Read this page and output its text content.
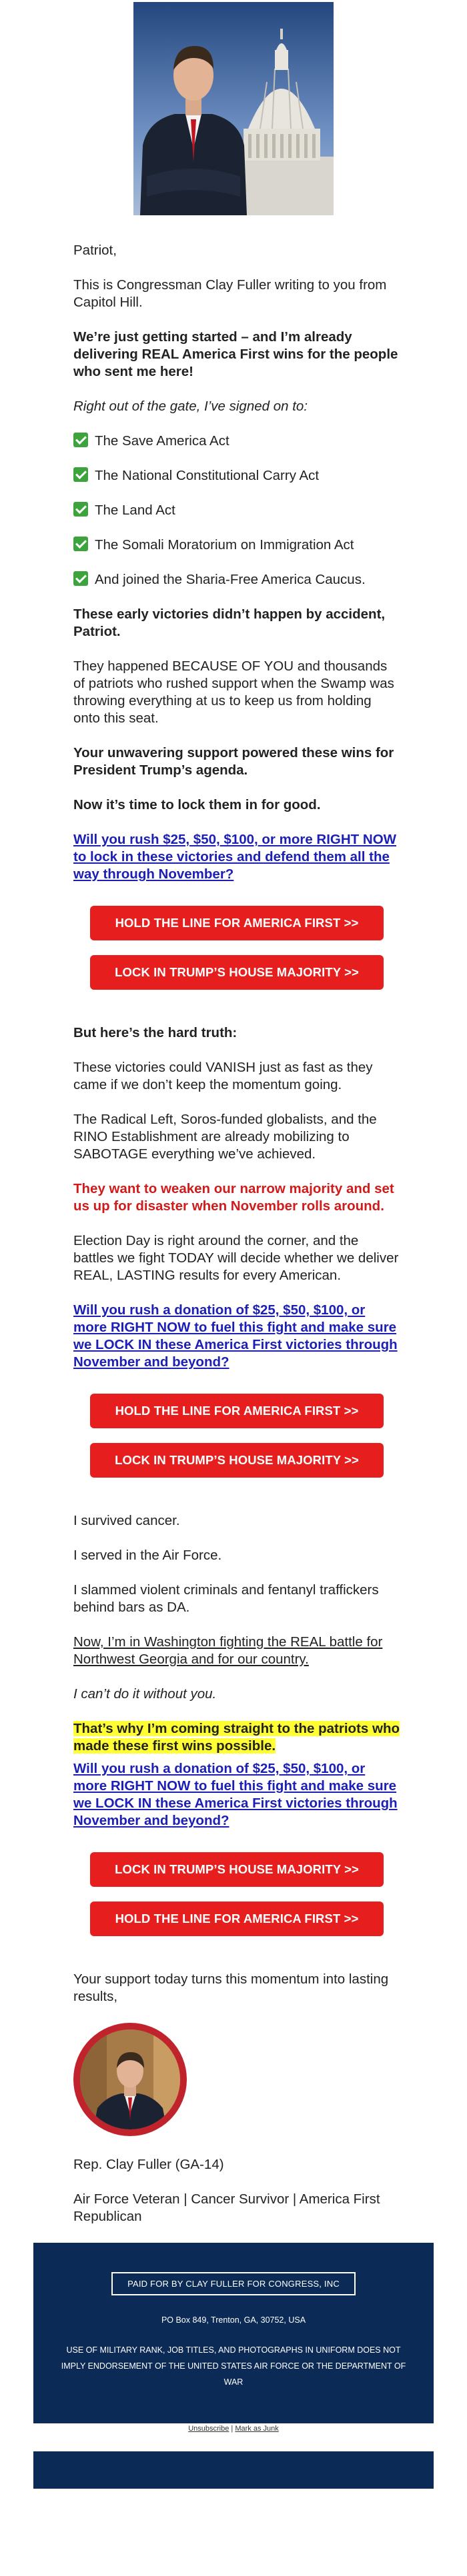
Patriot,

This is Congressman Clay Fuller writing to you from Capitol Hill.

We’re just getting started – and I’m already delivering REAL America First wins for the people who sent me here!

Right out of the gate, I’ve signed on to:

The Save America Act

The National Constitutional Carry Act

The Land Act

The Somali Moratorium on Immigration Act

And joined the Sharia-Free America Caucus.

These early victories didn’t happen by accident, Patriot.

They happened BECAUSE OF YOU and thousands of patriots who rushed support when the Swamp was throwing everything at us to keep us from holding onto this seat.

Your unwavering support powered these wins for President Trump’s agenda.

Now it’s time to lock them in for good.

Will you rush $25, $50, $100, or more RIGHT NOW to lock in these victories and defend them all the way through November?

HOLD THE LINE FOR AMERICA FIRST >>
LOCK IN TRUMP’S HOUSE MAJORITY >>

But here’s the hard truth:

These victories could VANISH just as fast as they came if we don’t keep the momentum going.

The Radical Left, Soros-funded globalists, and the RINO Establishment are already mobilizing to SABOTAGE everything we’ve achieved.

They want to weaken our narrow majority and set us up for disaster when November rolls around.

Election Day is right around the corner, and the battles we fight TODAY will decide whether we deliver REAL, LASTING results for every American.

Will you rush a donation of $25, $50, $100, or more RIGHT NOW to fuel this fight and make sure we LOCK IN these America First victories through November and beyond?

HOLD THE LINE FOR AMERICA FIRST >>
LOCK IN TRUMP’S HOUSE MAJORITY >>

I survived cancer.

I served in the Air Force.

I slammed violent criminals and fentanyl traffickers behind bars as DA.

Now, I’m in Washington fighting the REAL battle for Northwest Georgia and for our country.

I can’t do it without you.

That’s why I’m coming straight to the patriots who made these first wins possible.

Will you rush a donation of $25, $50, $100, or more RIGHT NOW to fuel this fight and make sure we LOCK IN these America First victories through November and beyond?

LOCK IN TRUMP’S HOUSE MAJORITY >>
HOLD THE LINE FOR AMERICA FIRST >>

Your support today turns this momentum into lasting results,

Rep. Clay Fuller (GA-14)

Air Force Veteran | Cancer Survivor | America First Republican

PAID FOR BY CLAY FULLER FOR CONGRESS, INC
PO Box 849, Trenton, GA, 30752, USA
USE OF MILITARY RANK, JOB TITLES, AND PHOTOGRAPHS IN UNIFORM DOES NOT IMPLY ENDORSEMENT OF THE UNITED STATES AIR FORCE OR THE DEPARTMENT OF WAR
Unsubscribe | Mark as Junk
